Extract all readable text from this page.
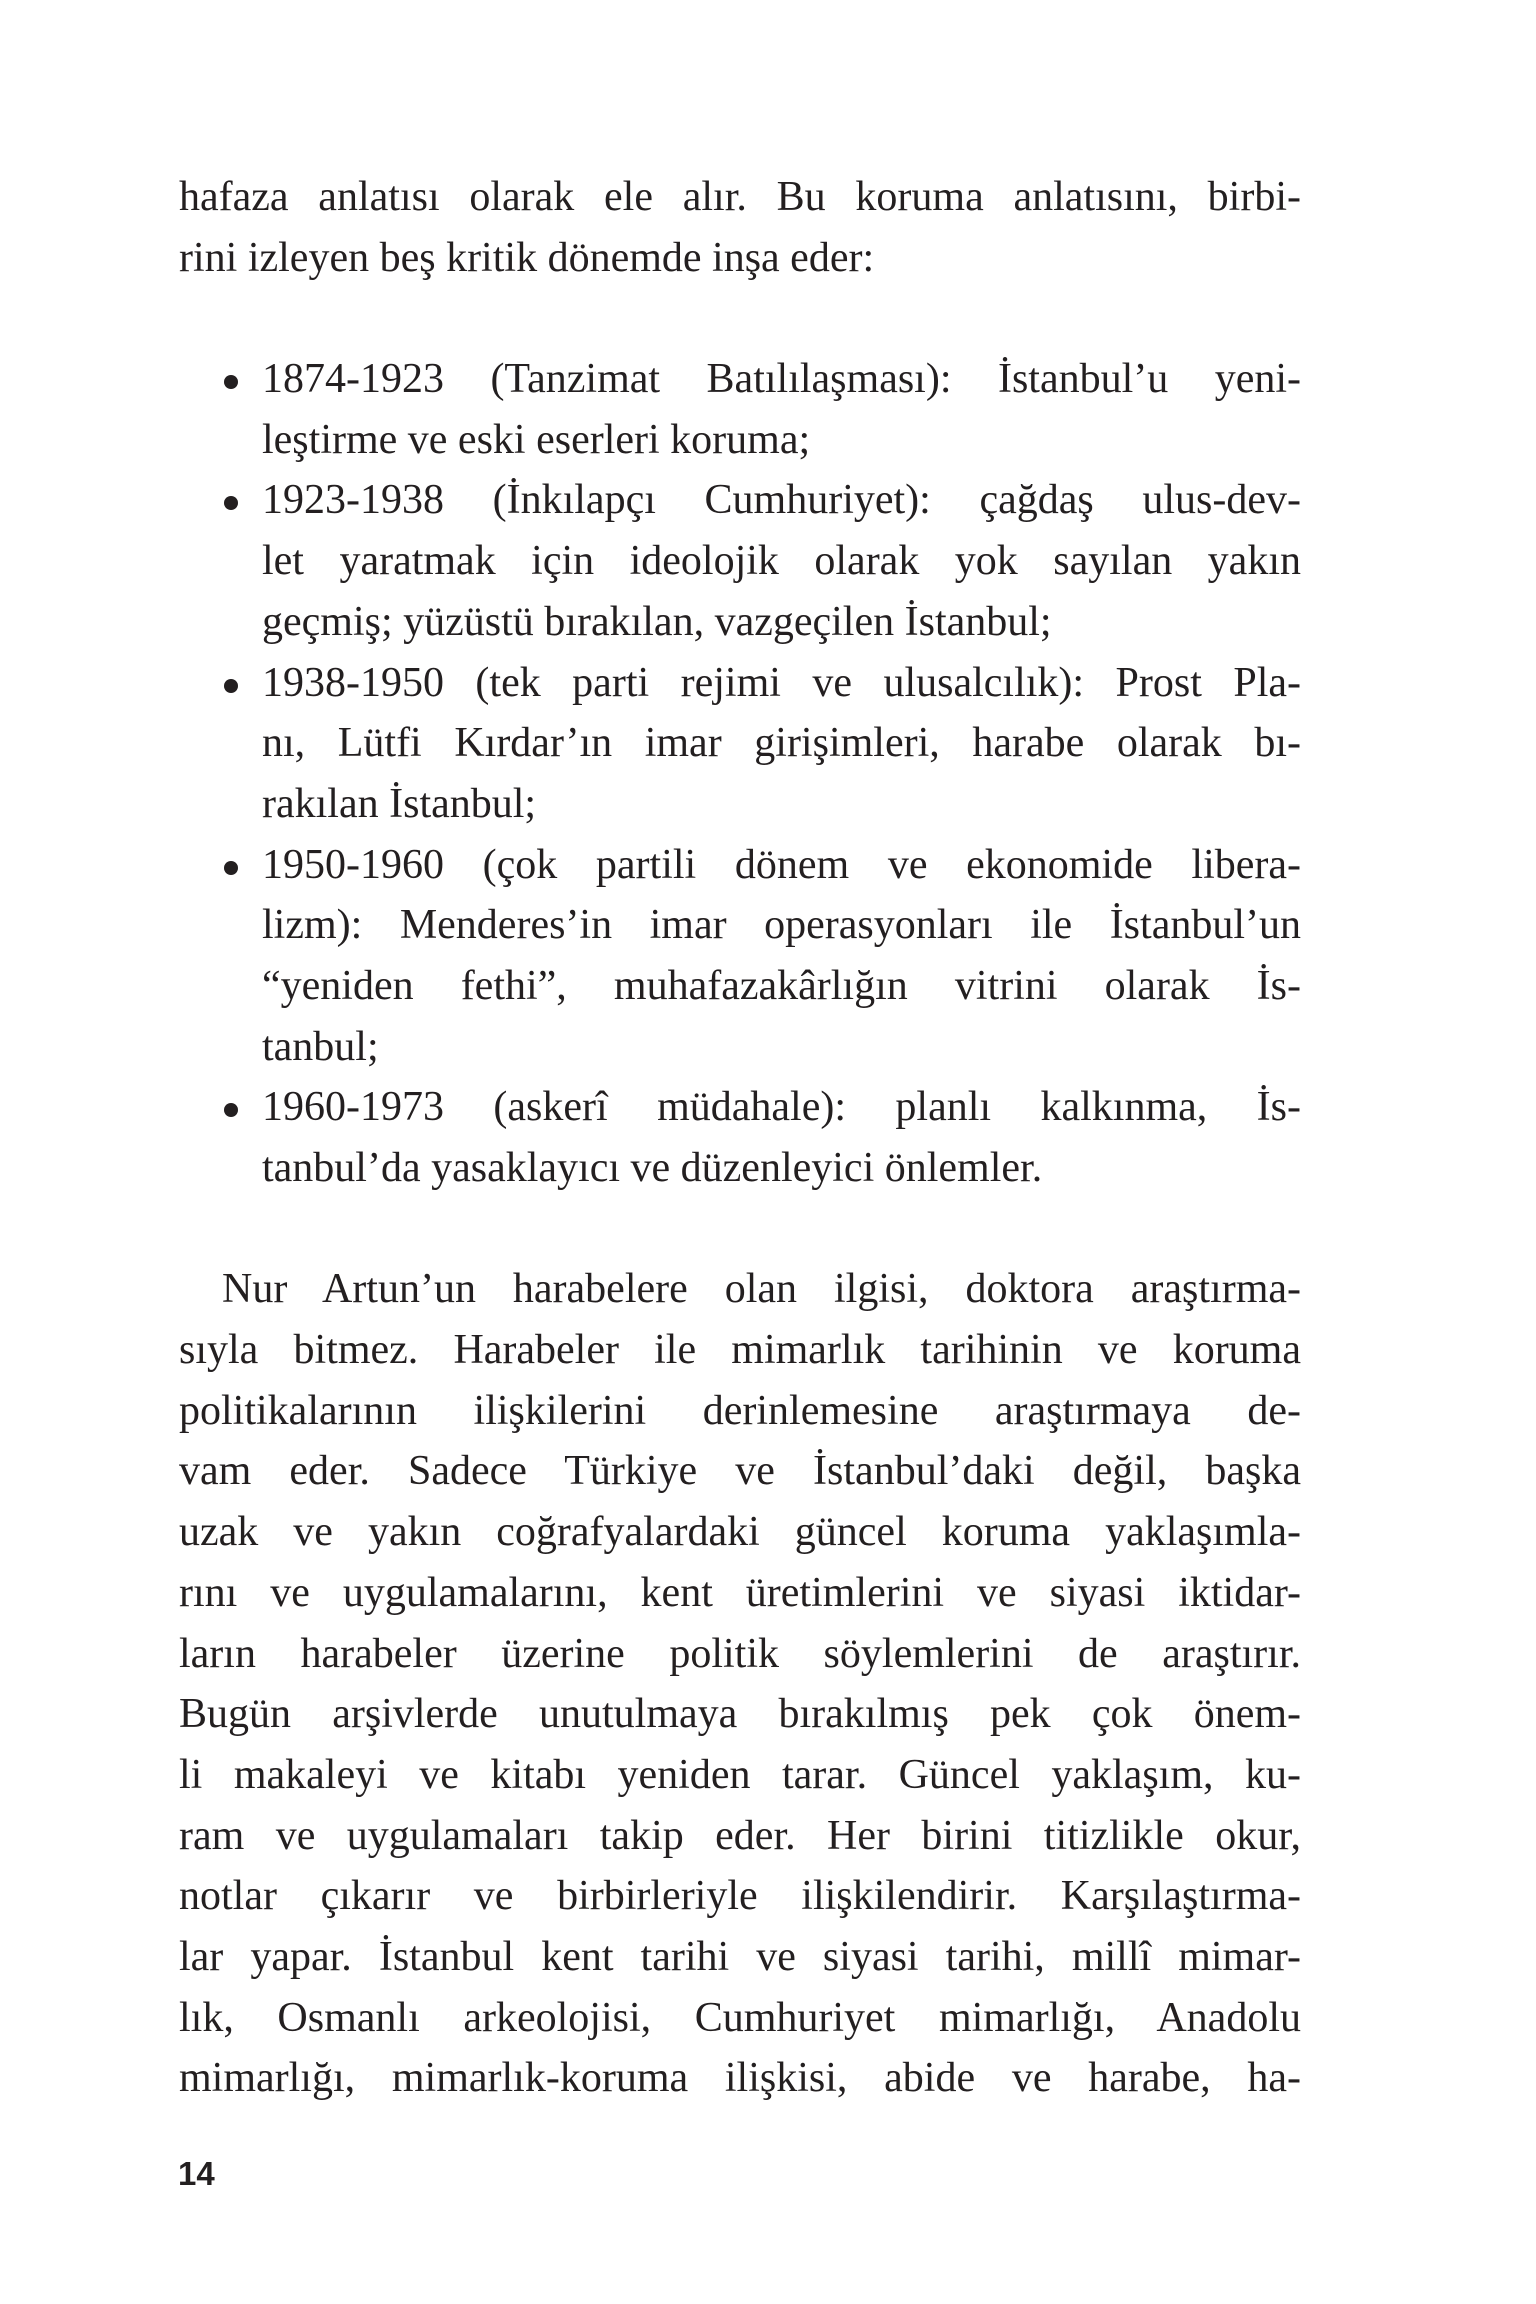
hafaza anlatısı olarak ele alır. Bu koruma anlatısını, birbi-
rini izleyen beş kritik dönemde inşa eder:
1874-1923 (Tanzimat Batılılaşması): İstanbul’u yeni-
leştirme ve eski eserleri koruma;
1923-1938 (İnkılapçı Cumhuriyet): çağdaş ulus-dev-
let yaratmak için ideolojik olarak yok sayılan yakın
geçmiş; yüzüstü bırakılan, vazgeçilen İstanbul;
1938-1950 (tek parti rejimi ve ulusalcılık): Prost Pla-
nı, Lütfi Kırdar’ın imar girişimleri, harabe olarak bı-
rakılan İstanbul;
1950-1960 (çok partili dönem ve ekonomide libera-
lizm): Menderes’in imar operasyonları ile İstanbul’un
“yeniden fethi”, muhafazakârlığın vitrini olarak İs-
tanbul;
1960-1973 (askerî müdahale): planlı kalkınma, İs-
tanbul’da yasaklayıcı ve düzenleyici önlemler.
Nur Artun’un harabelere olan ilgisi, doktora araştırma-
sıyla bitmez. Harabeler ile mimarlık tarihinin ve koruma
politikalarının ilişkilerini derinlemesine araştırmaya de-
vam eder. Sadece Türkiye ve İstanbul’daki değil, başka
uzak ve yakın coğrafyalardaki güncel koruma yaklaşımla-
rını ve uygulamalarını, kent üretimlerini ve siyasi iktidar-
ların harabeler üzerine politik söylemlerini de araştırır.
Bugün arşivlerde unutulmaya bırakılmış pek çok önem-
li makaleyi ve kitabı yeniden tarar. Güncel yaklaşım, ku-
ram ve uygulamaları takip eder. Her birini titizlikle okur,
notlar çıkarır ve birbirleriyle ilişkilendirir. Karşılaştırma-
lar yapar. İstanbul kent tarihi ve siyasi tarihi, millî mimar-
lık, Osmanlı arkeolojisi, Cumhuriyet mimarlığı, Anadolu
mimarlığı, mimarlık-koruma ilişkisi, abide ve harabe, ha-
14
